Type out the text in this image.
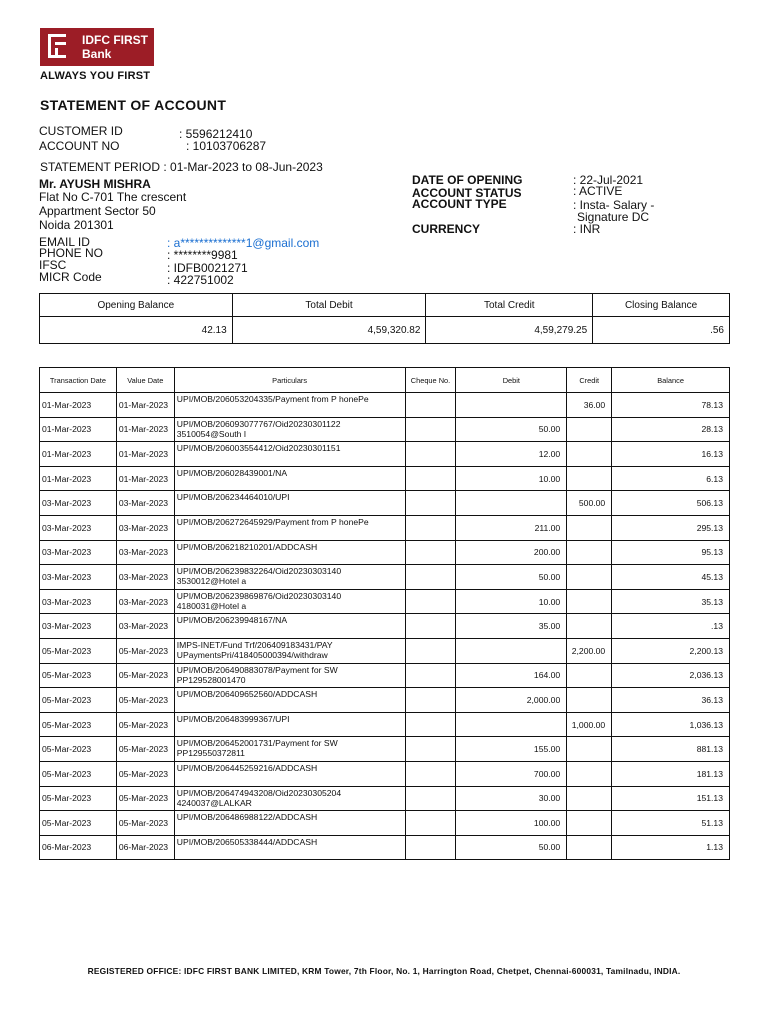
IDFC FIRST
Bank
ALWAYS YOU FIRST
STATEMENT OF ACCOUNT
CUSTOMER ID	: 5596212410
ACCOUNT NO	: 10103706287
STATEMENT PERIOD : 01-Mar-2023 to 08-Jun-2023
Mr. AYUSH MISHRA
Flat No C-701 The crescent
Appartment Sector 50
Noida 201301
EMAIL ID	: a**************1@gmail.com
PHONE NO	: ********9981
IFSC	: IDFB0021271
MICR Code	: 422751002
DATE OF OPENING	: 22-Jul-2021
ACCOUNT STATUS	: ACTIVE
ACCOUNT TYPE	: Insta- Salary -
Signature DC
CURRENCY	: INR
Opening Balance	Total Debit	Total Credit	Closing Balance
42.13	4,59,320.82	4,59,279.25	.56
Transaction Date	Value Date	Particulars	Cheque No.	Debit	Credit	Balance
01-Mar-2023	01-Mar-2023	UPI/MOB/206053204335/Payment from P honePe			36.00	78.13
01-Mar-2023	01-Mar-2023	UPI/MOB/206093077767/Oid20230301122 3510054@South I		50.00		28.13
01-Mar-2023	01-Mar-2023	UPI/MOB/206003554412/Oid20230301151		12.00		16.13
01-Mar-2023	01-Mar-2023	UPI/MOB/206028439001/NA		10.00		6.13
03-Mar-2023	03-Mar-2023	UPI/MOB/206234464010/UPI			500.00	506.13
03-Mar-2023	03-Mar-2023	UPI/MOB/206272645929/Payment from P honePe		211.00		295.13
03-Mar-2023	03-Mar-2023	UPI/MOB/206218210201/ADDCASH		200.00		95.13
03-Mar-2023	03-Mar-2023	UPI/MOB/206239832264/Oid20230303140 3530012@Hotel a		50.00		45.13
03-Mar-2023	03-Mar-2023	UPI/MOB/206239869876/Oid20230303140 4180031@Hotel a		10.00		35.13
03-Mar-2023	03-Mar-2023	UPI/MOB/206239948167/NA		35.00		.13
05-Mar-2023	05-Mar-2023	IMPS-INET/Fund Trf/206409183431/PAY UPaymentsPri/418405000394/withdraw			2,200.00	2,200.13
05-Mar-2023	05-Mar-2023	UPI/MOB/206490883078/Payment for SW PP129528001470		164.00		2,036.13
05-Mar-2023	05-Mar-2023	UPI/MOB/206409652560/ADDCASH		2,000.00		36.13
05-Mar-2023	05-Mar-2023	UPI/MOB/206483999367/UPI			1,000.00	1,036.13
05-Mar-2023	05-Mar-2023	UPI/MOB/206452001731/Payment for SW PP129550372811		155.00		881.13
05-Mar-2023	05-Mar-2023	UPI/MOB/206445259216/ADDCASH		700.00		181.13
05-Mar-2023	05-Mar-2023	UPI/MOB/206474943208/Oid20230305204 4240037@LALKAR		30.00		151.13
05-Mar-2023	05-Mar-2023	UPI/MOB/206486988122/ADDCASH		100.00		51.13
06-Mar-2023	06-Mar-2023	UPI/MOB/206505338444/ADDCASH		50.00		1.13
REGISTERED OFFICE: IDFC FIRST BANK LIMITED, KRM Tower, 7th Floor, No. 1, Harrington Road, Chetpet, Chennai-600031, Tamilnadu, INDIA.
